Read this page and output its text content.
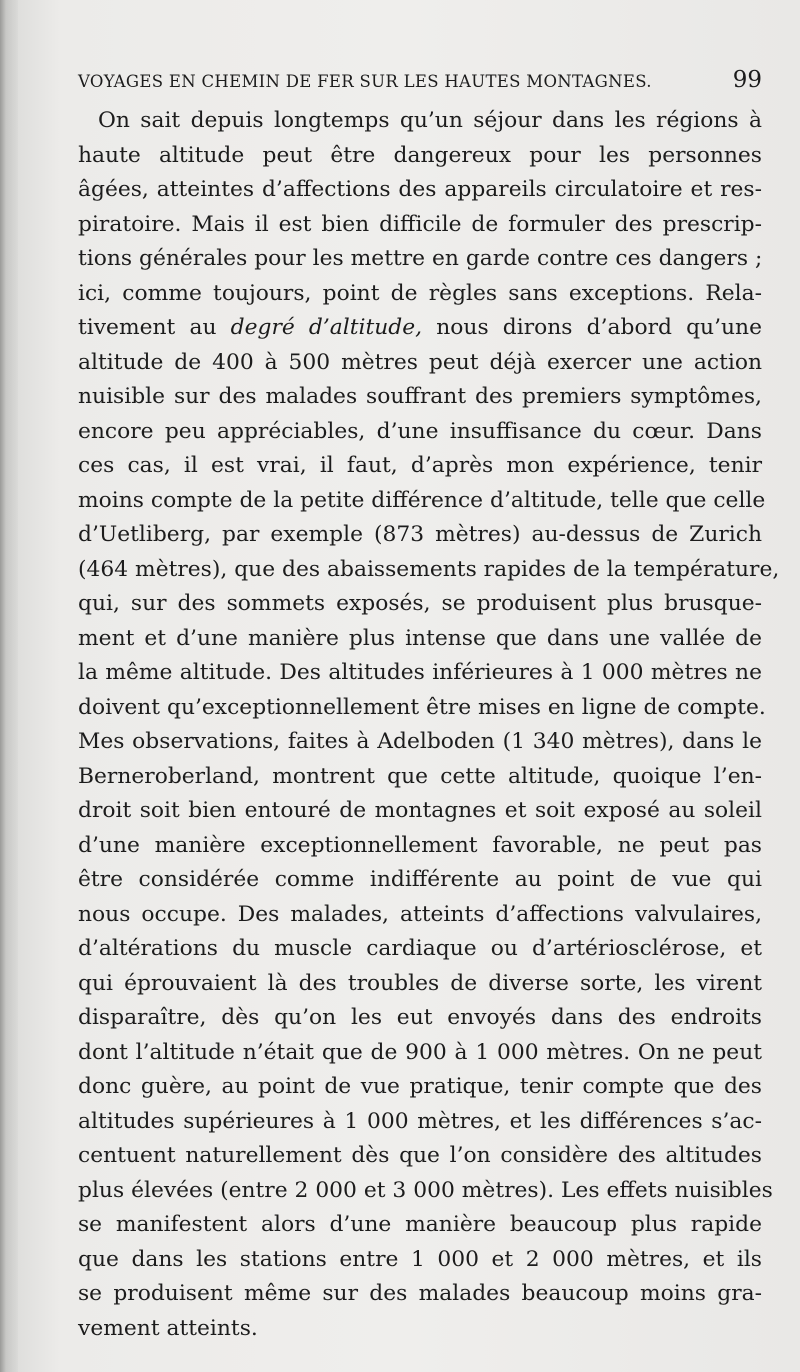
VOYAGES EN CHEMIN DE FER SUR LES HAUTES MONTAGNES.	99
On sait depuis longtemps qu’un séjour dans les régions à
haute altitude peut être dangereux pour les personnes
âgées, atteintes d’affections des appareils circulatoire et res-
piratoire. Mais il est bien difficile de formuler des prescrip-
tions générales pour les mettre en garde contre ces dangers ;
ici, comme toujours, point de règles sans exceptions. Rela-
tivement au degré d’altitude, nous dirons d’abord qu’une
altitude de 400 à 500 mètres peut déjà exercer une action
nuisible sur des malades souffrant des premiers symptômes,
encore peu appréciables, d’une insuffisance du cœur. Dans
ces cas, il est vrai, il faut, d’après mon expérience, tenir
moins compte de la petite différence d’altitude, telle que celle
d’Uetliberg, par exemple (873 mètres) au-dessus de Zurich
(464 mètres), que des abaissements rapides de la température,
qui, sur des sommets exposés, se produisent plus brusque-
ment et d’une manière plus intense que dans une vallée de
la même altitude. Des altitudes inférieures à 1 000 mètres ne
doivent qu’exceptionnellement être mises en ligne de compte.
Mes observations, faites à Adelboden (1 340 mètres), dans le
Berneroberland, montrent que cette altitude, quoique l’en-
droit soit bien entouré de montagnes et soit exposé au soleil
d’une manière exceptionnellement favorable, ne peut pas
être considérée comme indifférente au point de vue qui
nous occupe. Des malades, atteints d’affections valvulaires,
d’altérations du muscle cardiaque ou d’artériosclérose, et
qui éprouvaient là des troubles de diverse sorte, les virent
disparaître, dès qu’on les eut envoyés dans des endroits
dont l’altitude n’était que de 900 à 1 000 mètres. On ne peut
donc guère, au point de vue pratique, tenir compte que des
altitudes supérieures à 1 000 mètres, et les différences s’ac-
centuent naturellement dès que l’on considère des altitudes
plus élevées (entre 2 000 et 3 000 mètres). Les effets nuisibles
se manifestent alors d’une manière beaucoup plus rapide
que dans les stations entre 1 000 et 2 000 mètres, et ils
se produisent même sur des malades beaucoup moins gra-
vement atteints.
